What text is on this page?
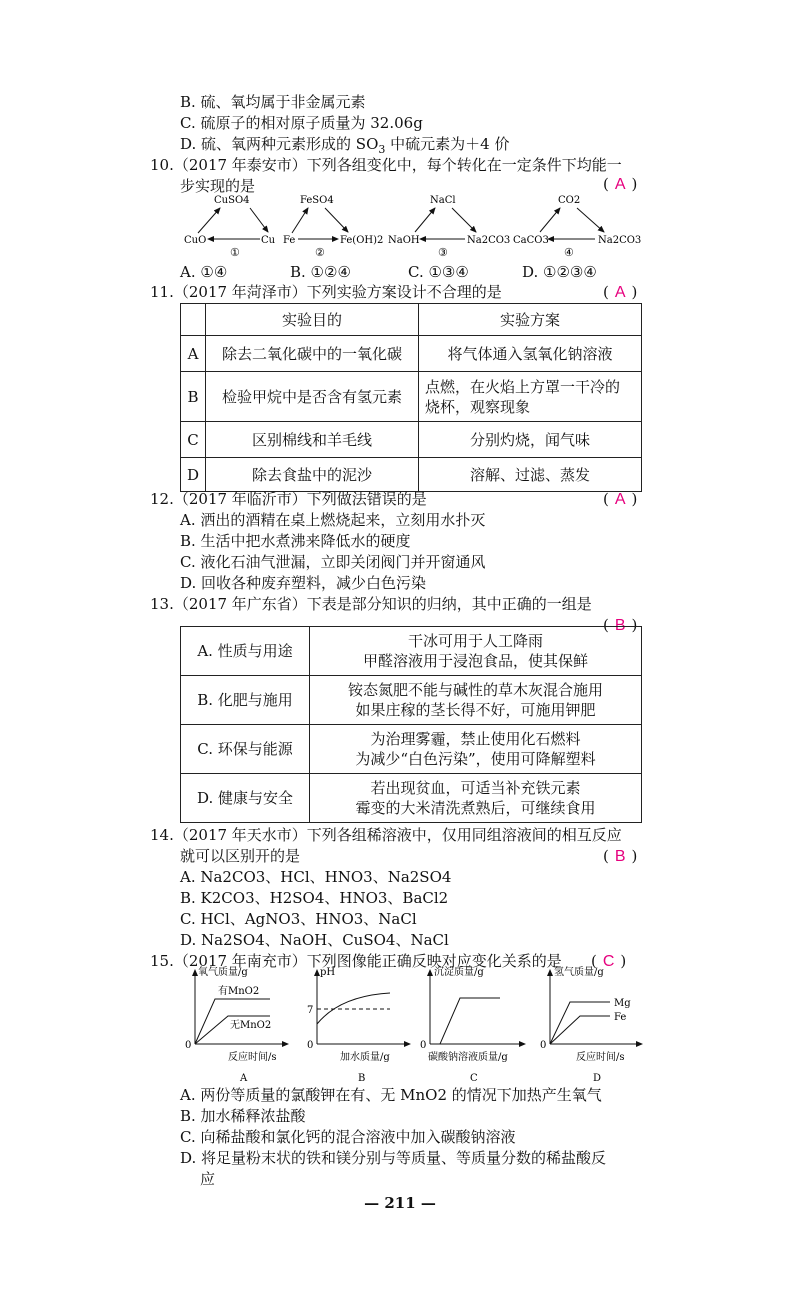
B. 硫、氧均属于非金属元素
C. 硫原子的相对原子质量为 32.06g
D. 硫、氧两种元素形成的 $SO_3$ 中硫元素为＋4 价
10.（2017 年泰安市）下列各组变化中，每个转化在一定条件下均能一
步实现的是	( A )
CuSO4
CuO	Cu
①
FeSO4
Fe	Fe(OH)2
②
NaCl
NaOH	Na2CO3
③
CO2
CaCO3	Na2CO3
④
A. ①④	B. ①②④	C. ①③④	D. ①②③④
11.（2017 年菏泽市）下列实验方案设计不合理的是	( A )
	实验目的	实验方案
A	除去二氧化碳中的一氧化碳	将气体通入氢氧化钠溶液
B	检验甲烷中是否含有氢元素	点燃，在火焰上方罩一干冷的
烧杯，观察现象

C	区别棉线和羊毛线	分别灼烧，闻气味
D	除去食盐中的泥沙	溶解、过滤、蒸发
12.（2017 年临沂市）下列做法错误的是	( A )
A. 洒出的酒精在桌上燃烧起来，立刻用水扑灭
B. 生活中把水煮沸来降低水的硬度
C. 液化石油气泄漏，立即关闭阀门并开窗通风
D. 回收各种废弃塑料，减少白色污染
13.（2017 年广东省）下表是部分知识的归纳，其中正确的一组是
( B )
A. 性质与用途	干冰可用于人工降雨
甲醛溶液用于浸泡食品，使其保鲜

B. 化肥与施用	铵态氮肥不能与碱性的草木灰混合施用
如果庄稼的茎长得不好，可施用钾肥

C. 环保与能源	为治理雾霾，禁止使用化石燃料
为减少“白色污染”，使用可降解塑料

D. 健康与安全	若出现贫血，可适当补充铁元素
霉变的大米清洗煮熟后，可继续食用
14.（2017 年天水市）下列各组稀溶液中，仅用同组溶液间的相互反应
就可以区别开的是	( B )
A. Na2CO3、HCl、HNO3、Na2SO4
B. K2CO3、H2SO4、HNO3、BaCl2
C. HCl、AgNO3、HNO3、NaCl
D. Na2SO4、NaOH、CuSO4、NaCl
15.（2017 年南充市）下列图像能正确反映对应变化关系的是 ( C )
氧气质量/g
0
反应时间/s
A
有MnO2
无MnO2
pH
0
7
加水质量/g
B
沉淀质量/g
0
碳酸钠溶液质量/g
C
氢气质量/g
0
Mg
Fe
反应时间/s
D
A. 两份等质量的氯酸钾在有、无 MnO2 的情况下加热产生氧气
B. 加水稀释浓盐酸
C. 向稀盐酸和氯化钙的混合溶液中加入碳酸钠溶液
D. 将足量粉末状的铁和镁分别与等质量、等质量分数的稀盐酸反
应
— 211 —
